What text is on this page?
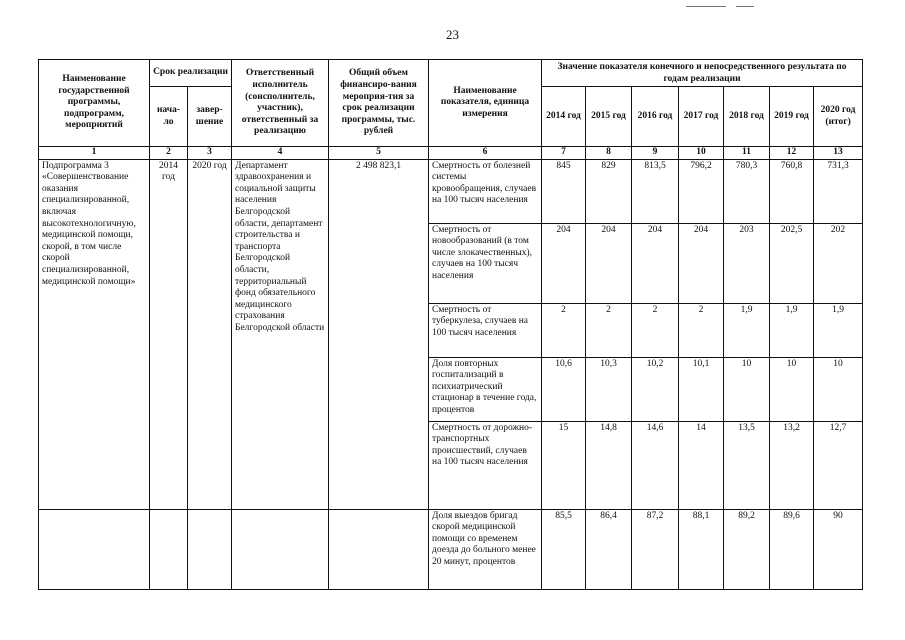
23
Наименование государственной программы, подпрограмм, мероприятий	Срок реализации		Ответственный исполнитель (соисполнитель, участник), ответственный за реализацию	Общий объем финансиро-вания мероприя-тия за срок реализации программы, тыс. рублей	Наименование показателя, единица измерения	Значение показателя конечного и непосредственного результата по годам реализации						
	нача-ло	завер-шение				2014 год	2015 год	2016 год	2017 год	2018 год	2019 год	2020 год (итог)
1	2	3	4	5	6	7	8	9	10	11	12	13
Подпрограмма 3 «Совершенствование оказания специализированной, включая высокотехнологичную, медицинской помощи, скорой, в том числе скорой специализированной, медицинской помощи»	2014 год	2020 год	Департамент здравоохранения и социальной защиты населения Белгородской области, департамент строительства и транспорта Белгородской области, территориальный фонд обязательного медицинского страхования Белгородской области	2 498 823,1	Смертность от болезней системы кровообращения, случаев на 100 тысяч населения	845	829	813,5	796,2	780,3	760,8	731,3
					Смертность от новообразований (в том числе злокачественных), случаев на 100 тысяч населения	204	204	204	204	203	202,5	202
					Смертность от туберкулеза, случаев на 100 тысяч населения	2	2	2	2	1,9	1,9	1,9
					Доля повторных госпитализаций в психиатрический стационар в течение года, процентов	10,6	10,3	10,2	10,1	10	10	10
					Смертность от дорожно-транспортных происшествий, случаев на 100 тысяч населения	15	14,8	14,6	14	13,5	13,2	12,7
					Доля выездов бригад скорой медицинской помощи со временем доезда до больного менее 20 минут, процентов	85,5	86,4	87,2	88,1	89,2	89,6	90
